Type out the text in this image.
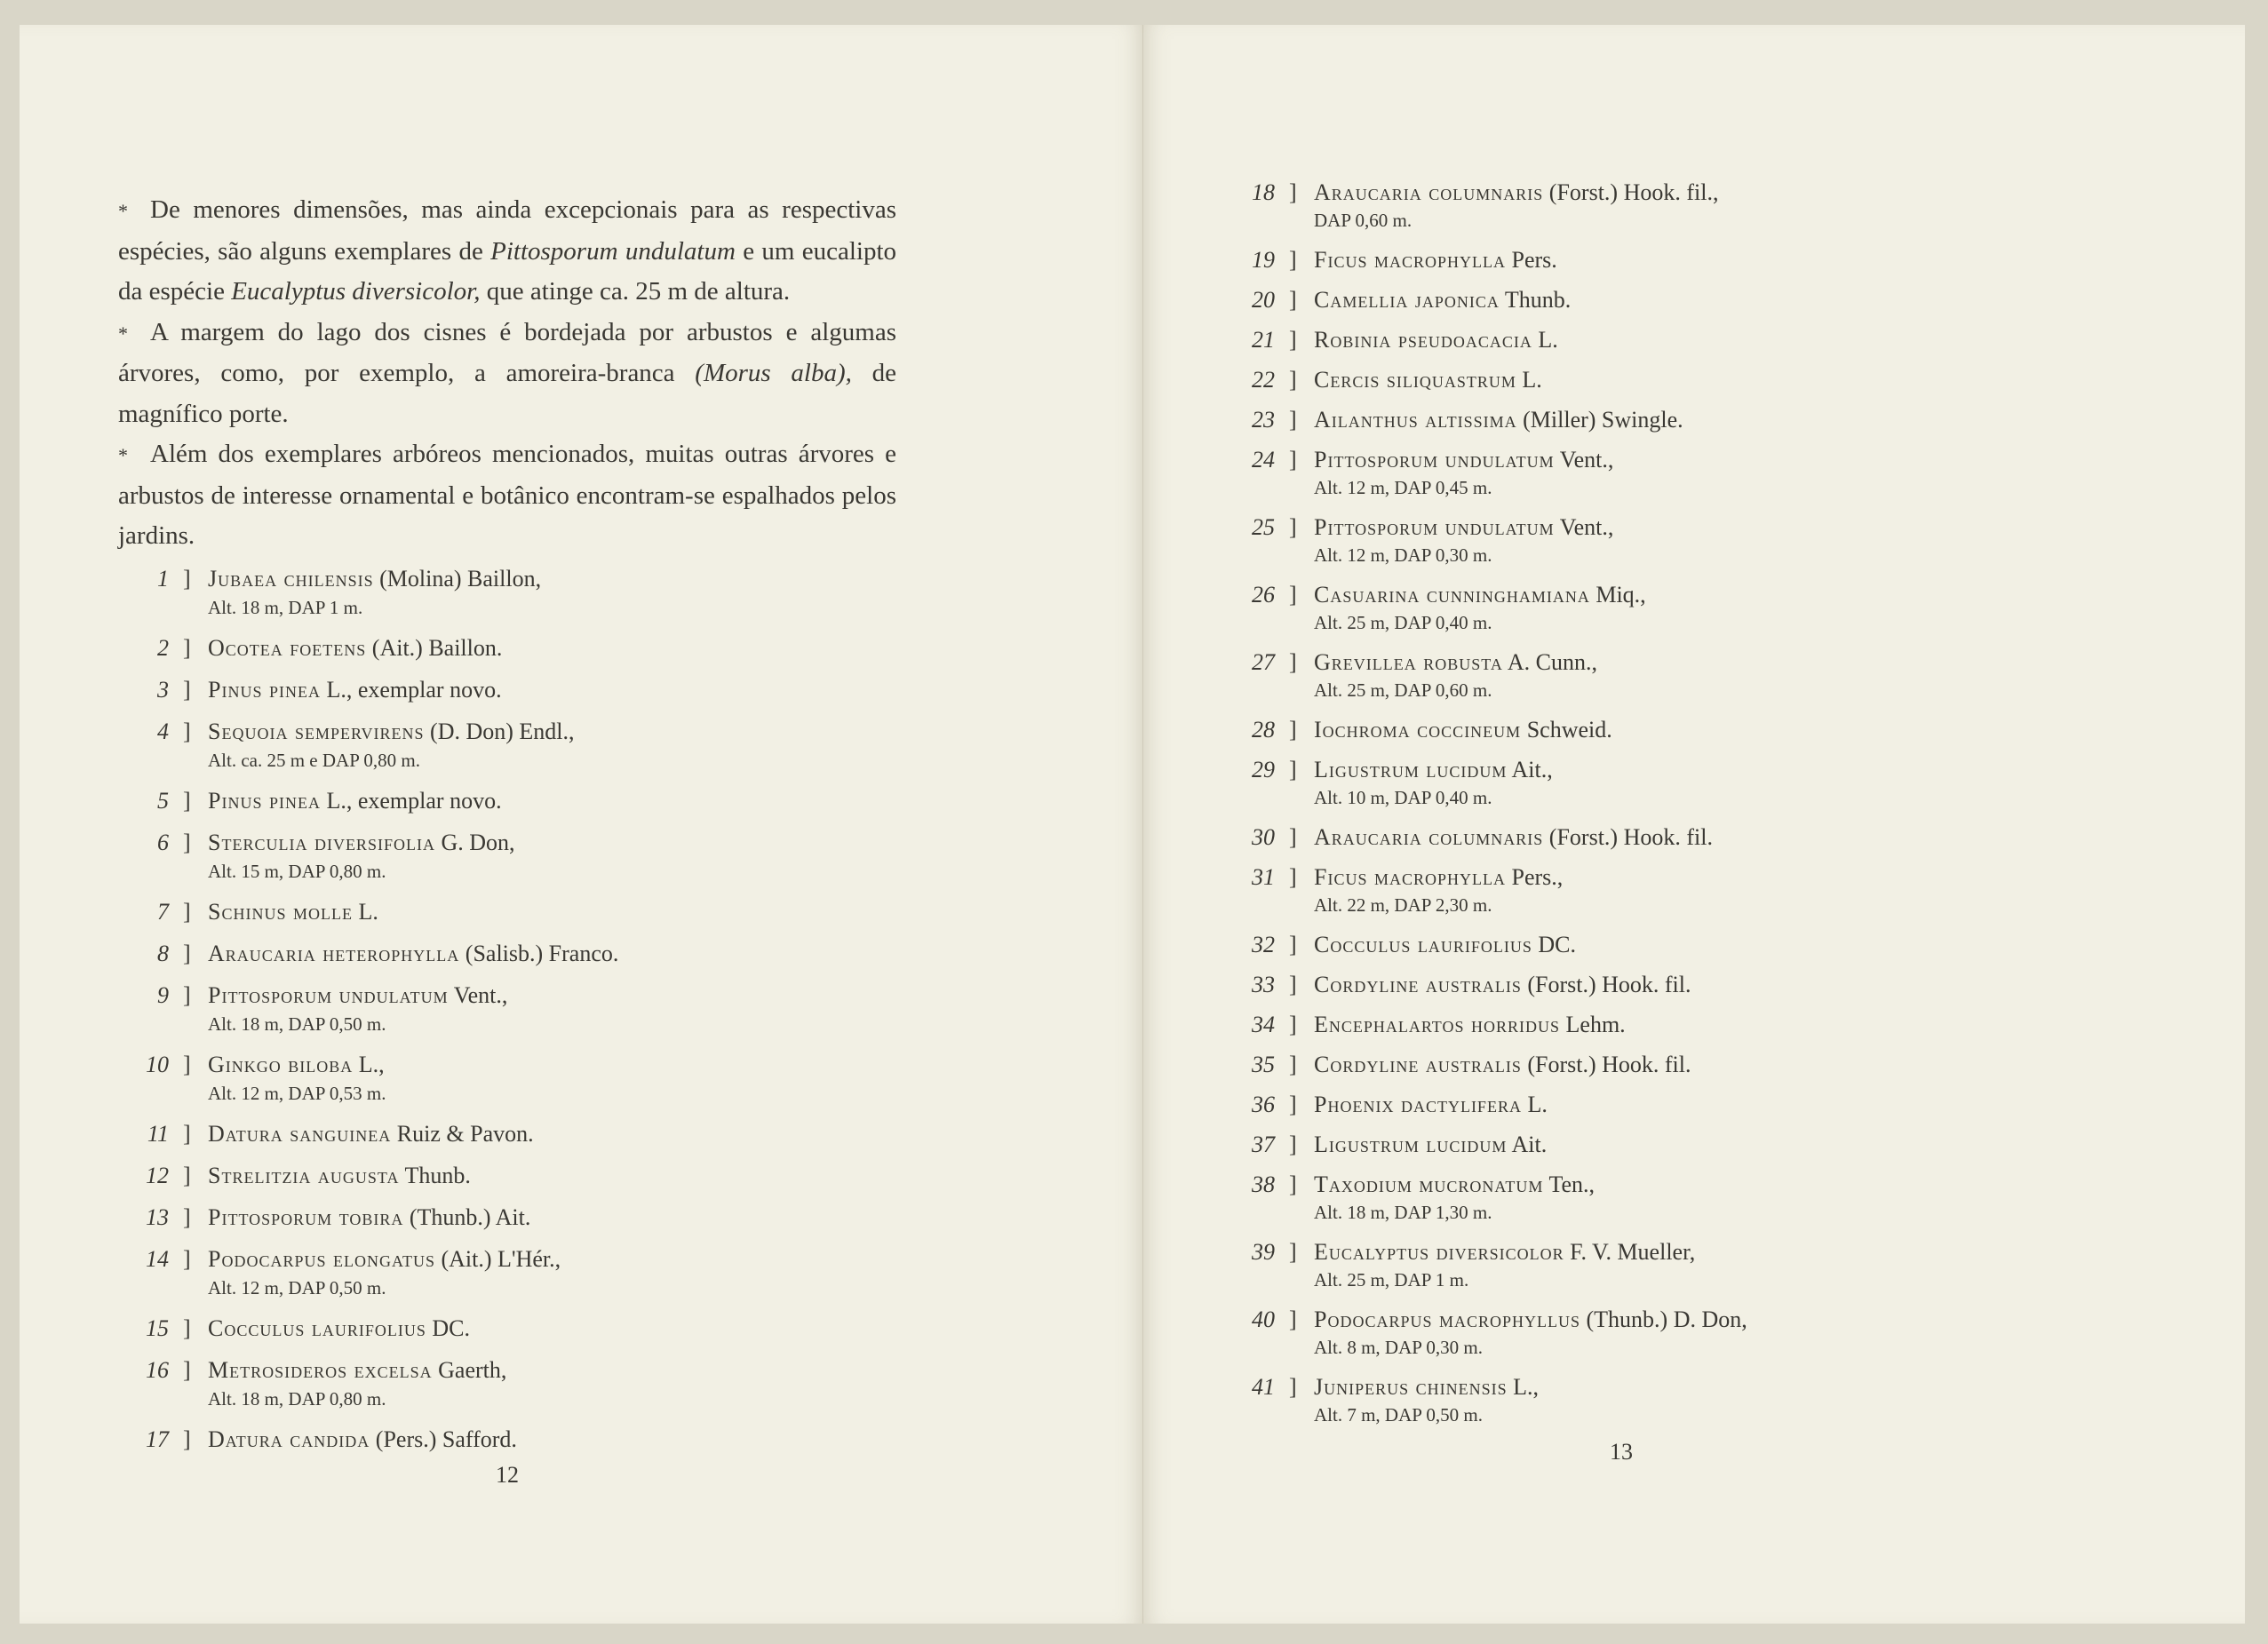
* De menores dimensões, mas ainda excepcionais para as respectivas espécies, são alguns exemplares de Pittosporum undulatum e um eucalipto da espécie Eucalyptus diversicolor, que atinge ca. 25 m de altura.

* A margem do lago dos cisnes é bordejada por arbustos e algumas árvores, como, por exemplo, a amoreira-branca (Morus alba), de magnífico porte.

* Além dos exemplares arbóreos mencionados, muitas outras árvores e arbustos de interesse ornamental e botânico encontram-se espalhados pelos jardins.

1 ] Jubaea chilensis (Molina) Baillon,
Alt. 18 m, DAP 1 m.
2 ] Ocotea foetens (Ait.) Baillon.
3 ] Pinus pinea L., exemplar novo.
4 ] Sequoia sempervirens (D. Don) Endl.,
Alt. ca. 25 m e DAP 0,80 m.
5 ] Pinus pinea L., exemplar novo.
6 ] Sterculia diversifolia G. Don,
Alt. 15 m, DAP 0,80 m.
7 ] Schinus molle L.
8 ] Araucaria heterophylla (Salisb.) Franco.
9 ] Pittosporum undulatum Vent.,
Alt. 18 m, DAP 0,50 m.
10 ] Ginkgo biloba L.,
Alt. 12 m, DAP 0,53 m.
11 ] Datura sanguinea Ruiz & Pavon.
12 ] Strelitzia augusta Thunb.
13 ] Pittosporum tobira (Thunb.) Ait.
14 ] Podocarpus elongatus (Ait.) L'Hér.,
Alt. 12 m, DAP 0,50 m.
15 ] Cocculus laurifolius DC.
16 ] Metrosideros excelsa Gaerth,
Alt. 18 m, DAP 0,80 m.
17 ] Datura candida (Pers.) Safford.
12
18 ] Araucaria columnaris (Forst.) Hook. fil.,
DAP 0,60 m.
19 ] Ficus macrophylla Pers.
20 ] Camellia japonica Thunb.
21 ] Robinia pseudoacacia L.
22 ] Cercis siliquastrum L.
23 ] Ailanthus altissima (Miller) Swingle.
24 ] Pittosporum undulatum Vent.,
Alt. 12 m, DAP 0,45 m.
25 ] Pittosporum undulatum Vent.,
Alt. 12 m, DAP 0,30 m.
26 ] Casuarina cunninghamiana Miq.,
Alt. 25 m, DAP 0,40 m.
27 ] Grevillea robusta A. Cunn.,
Alt. 25 m, DAP 0,60 m.
28 ] Iochroma coccineum Schweid.
29 ] Ligustrum lucidum Ait.,
Alt. 10 m, DAP 0,40 m.
30 ] Araucaria columnaris (Forst.) Hook. fil.
31 ] Ficus macrophylla Pers.,
Alt. 22 m, DAP 2,30 m.
32 ] Cocculus laurifolius DC.
33 ] Cordyline australis (Forst.) Hook. fil.
34 ] Encephalartos horridus Lehm.
35 ] Cordyline australis (Forst.) Hook. fil.
36 ] Phoenix dactylifera L.
37 ] Ligustrum lucidum Ait.
38 ] Taxodium mucronatum Ten.,
Alt. 18 m, DAP 1,30 m.
39 ] Eucalyptus diversicolor F. V. Mueller,
Alt. 25 m, DAP 1 m.
40 ] Podocarpus macrophyllus (Thunb.) D. Don,
Alt. 8 m, DAP 0,30 m.
41 ] Juniperus chinensis L.,
Alt. 7 m, DAP 0,50 m.
13
